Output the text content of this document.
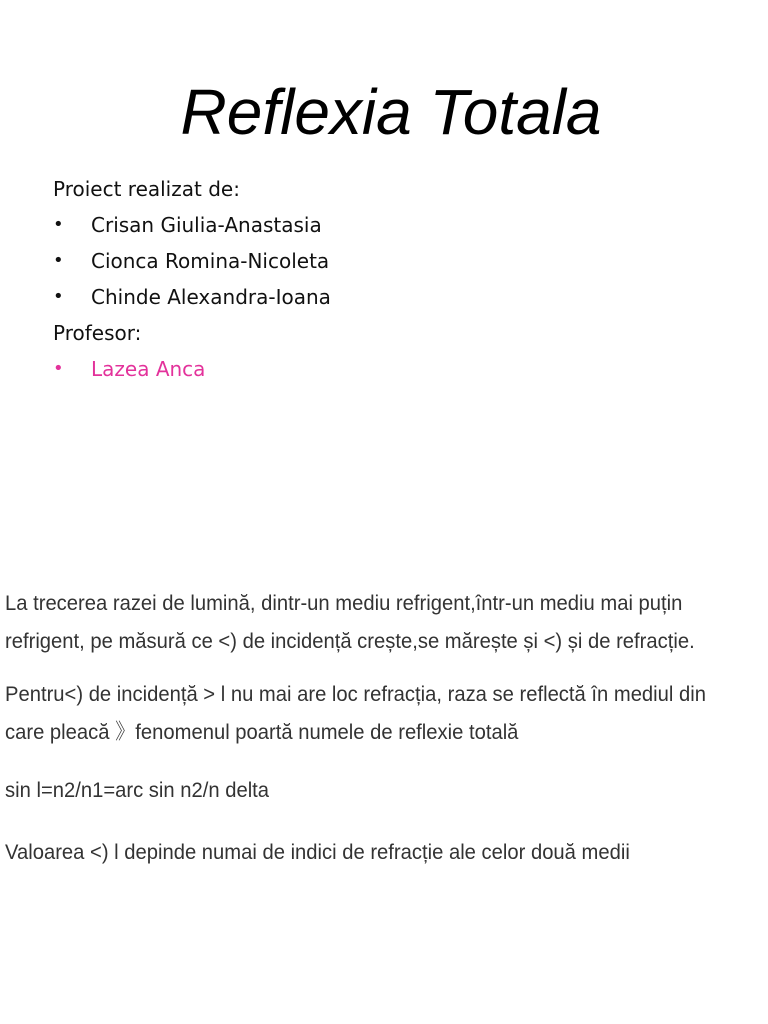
Reflexia Totala
Proiect realizat de:
• Crisan Giulia-Anastasia
• Cionca Romina-Nicoleta
• Chinde Alexandra-Ioana
Profesor:
• Lazea Anca

La trecerea razei de lumină, dintr-un mediu refrigent,într-un mediu mai puțin refrigent, pe măsură ce <) de incidență crește,se mărește și <) și de refracție.

Pentru<) de incidență > l nu mai are loc refracția, raza se reflectă în mediul din care pleacă 》fenomenul poartă numele de reflexie totală

sin l=n2/n1=arc sin n2/n delta

Valoarea <) l depinde numai de indici de refracție ale celor două medii
